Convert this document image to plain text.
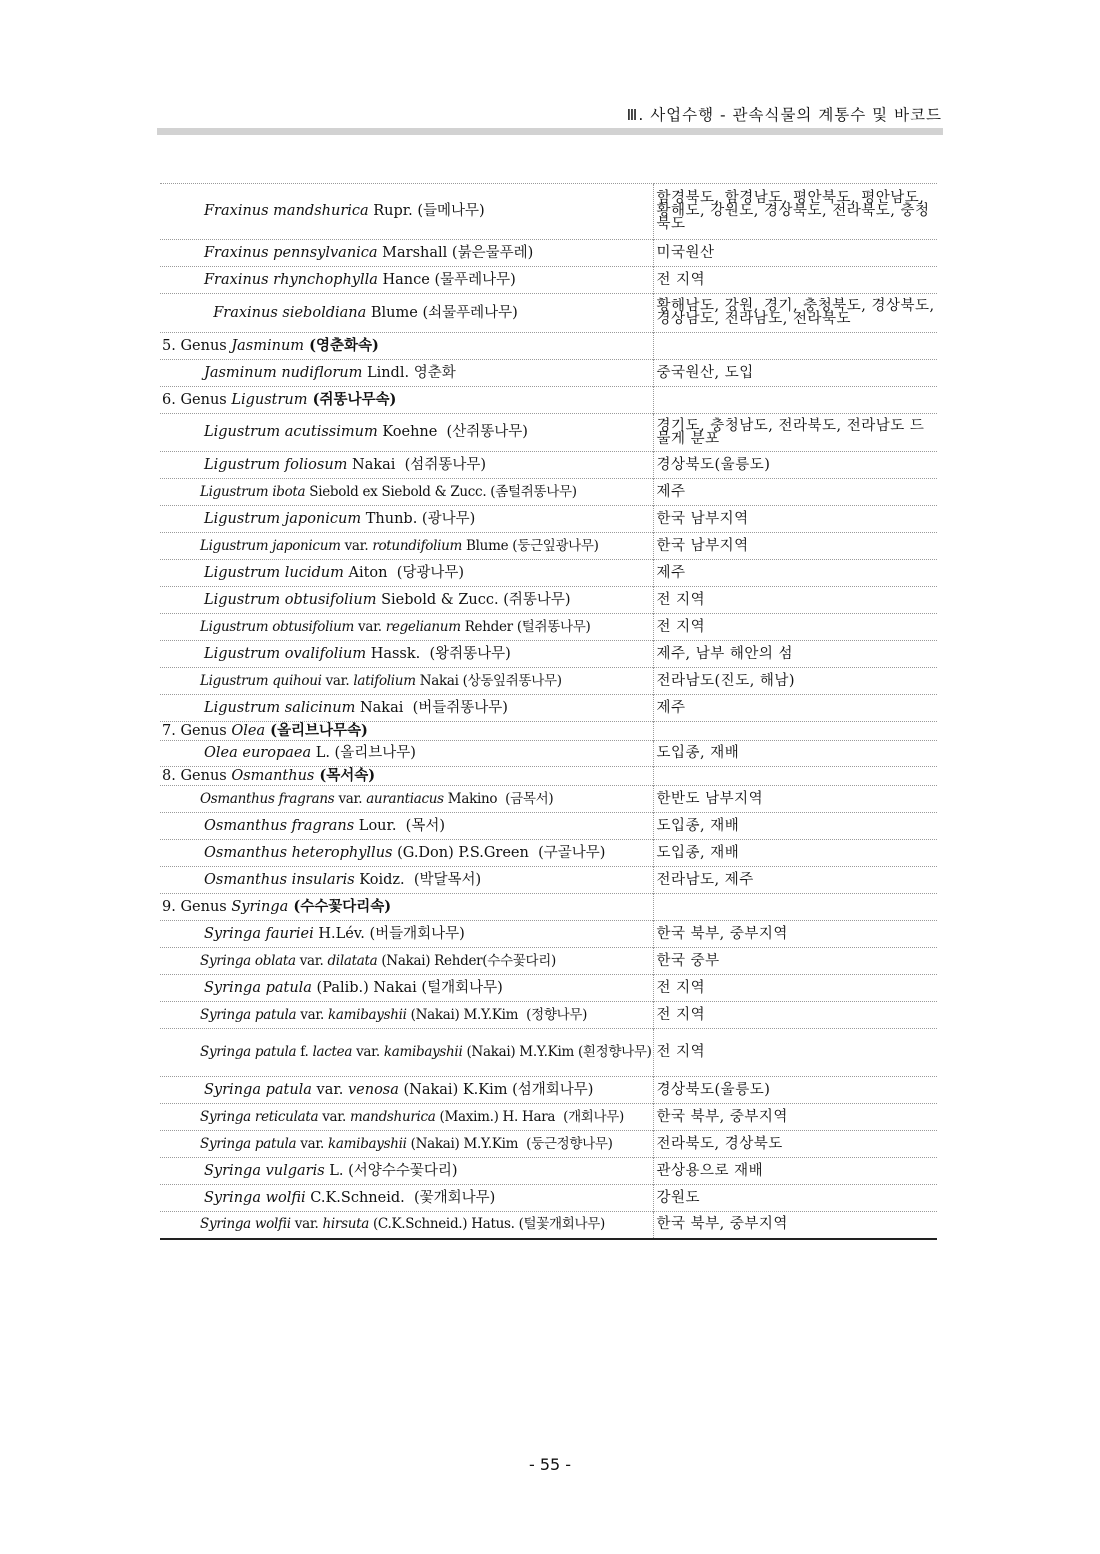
Ⅲ. 사업수행 - 관속식물의 계통수 및 바코드
Fraxinus mandshurica Rupr. (들메나무)	함경북도, 함경남도, 평안북도, 평안남도, 황해도, 강원도, 경상북도, 전라북도, 충청북도
Fraxinus pennsylvanica Marshall (붉은물푸레)	미국원산
Fraxinus rhynchophylla Hance (물푸레나무)	전 지역
Fraxinus sieboldiana Blume (쇠물푸레나무)	황해남도, 강원, 경기, 충청북도, 경상북도, 경상남도, 전라남도, 전라북도
5. Genus Jasminum (영춘화속)	
Jasminum nudiflorum Lindl. 영춘화	중국원산, 도입
6. Genus Ligustrum (쥐똥나무속)	
Ligustrum acutissimum Koehne  (산쥐똥나무)	경기도, 충청남도, 전라북도, 전라남도 드물게 분포
Ligustrum foliosum Nakai  (섬쥐똥나무)	경상북도(울릉도)
Ligustrum ibota Siebold ex Siebold & Zucc. (좀털쥐똥나무)	제주
Ligustrum japonicum Thunb. (광나무)	한국 남부지역
Ligustrum japonicum var. rotundifolium Blume (둥근잎광나무)	한국 남부지역
Ligustrum lucidum Aiton  (당광나무)	제주
Ligustrum obtusifolium Siebold & Zucc. (쥐똥나무)	전 지역
Ligustrum obtusifolium var. regelianum Rehder (털쥐똥나무)	전 지역
Ligustrum ovalifolium Hassk.  (왕쥐똥나무)	제주, 남부 해안의 섬
Ligustrum quihoui var. latifolium Nakai (상동잎쥐똥나무)	전라남도(진도, 해남)
Ligustrum salicinum Nakai  (버들쥐똥나무)	제주
7. Genus Olea (올리브나무속)	
Olea europaea L. (올리브나무)	도입종, 재배
8. Genus Osmanthus (목서속)	
Osmanthus fragrans var. aurantiacus Makino  (금목서)	한반도 남부지역
Osmanthus fragrans Lour.  (목서)	도입종, 재배
Osmanthus heterophyllus (G.Don) P.S.Green  (구골나무)	도입종, 재배
Osmanthus insularis Koidz.  (박달목서)	전라남도, 제주
9. Genus Syringa (수수꽃다리속)	
Syringa fauriei H.Lév. (버들개회나무)	한국 북부, 중부지역
Syringa oblata var. dilatata (Nakai) Rehder(수수꽃다리)	한국 중부
Syringa patula (Palib.) Nakai (털개회나무)	전 지역
Syringa patula var. kamibayshii (Nakai) M.Y.Kim  (정향나무)	전 지역
Syringa patula f. lactea var. kamibayshii (Nakai) M.Y.Kim (흰정향나무)	전 지역
Syringa patula var. venosa (Nakai) K.Kim (섬개회나무)	경상북도(울릉도)
Syringa reticulata var. mandshurica (Maxim.) H. Hara  (개회나무)	한국 북부, 중부지역
Syringa patula var. kamibayshii (Nakai) M.Y.Kim  (둥근정향나무)	전라북도, 경상북도
Syringa vulgaris L. (서양수수꽃다리)	관상용으로 재배
Syringa wolfii C.K.Schneid.  (꽃개회나무)	강원도
Syringa wolfii var. hirsuta (C.K.Schneid.) Hatus. (털꽃개회나무)	한국 북부, 중부지역
- 55 -
